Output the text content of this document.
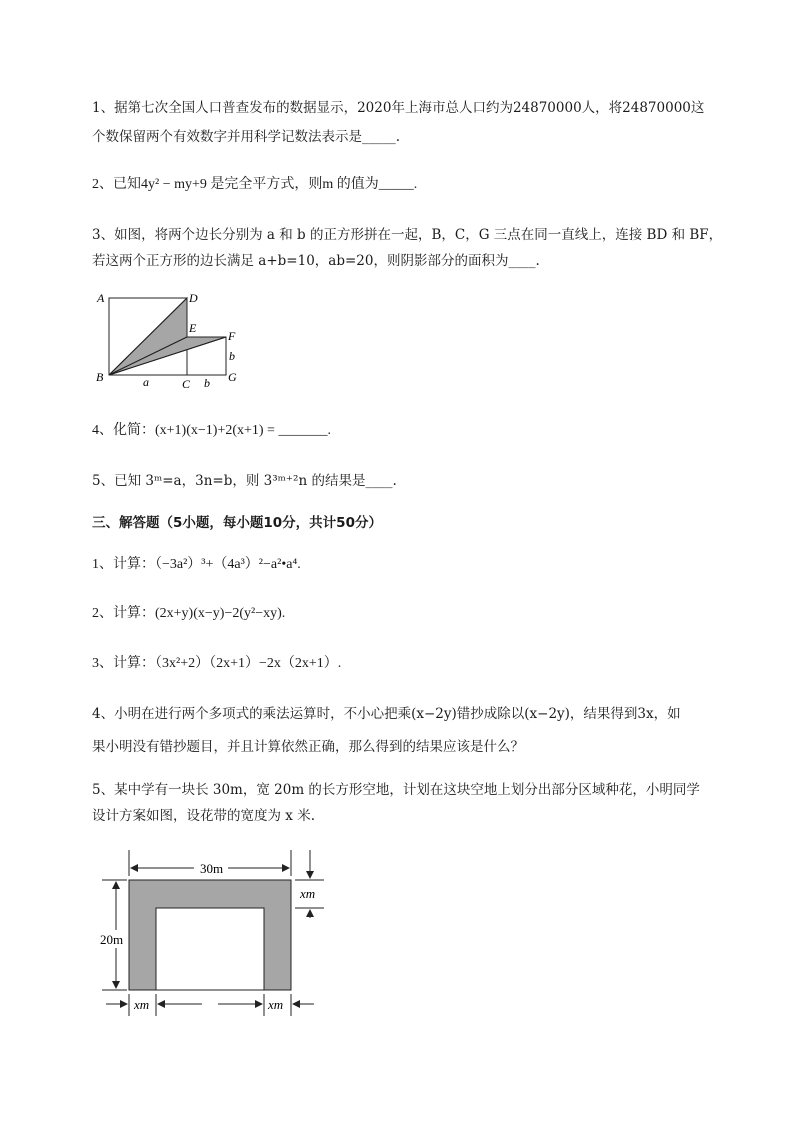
1、据第七次全国人口普查发布的数据显示，2020年上海市总人口约为24870000人，将24870000这
个数保留两个有效数字并用科学记数法表示是_____.
2、已知4y² − my+9 是完全平方式，则m 的值为_____.
3、如图，将两个边长分别为 a 和 b 的正方形拼在一起，B，C，G 三点在同一直线上，连接 BD 和 BF，
若这两个正方形的边长满足 a+b=10，ab=20，则阴影部分的面积为____.
A	D
E
F
B	C	G
a	b
b
4、化简：(x+1)(x−1)+2(x+1) = _______.
5、已知 3ᵐ=a，3n=b，则 3³ᵐ⁺²n 的结果是____.
三、解答题（5小题，每小题10分，共计50分）
1、计算：（−3a²）³+（4a³）²−a²•a⁴.
2、计算：(2x+y)(x−y)−2(y²−xy).
3、计算：（3x²+2）（2x+1）−2x（2x+1）.
4、小明在进行两个多项式的乘法运算时，不小心把乘(x−2y)错抄成除以(x−2y)，结果得到3x，如
果小明没有错抄题目，并且计算依然正确，那么得到的结果应该是什么？
5、某中学有一块长 30m，宽 20m 的长方形空地，计划在这块空地上划分出部分区域种花，小明同学
设计方案如图，设花带的宽度为 x 米.
30m
20m
xm
xm	xm
